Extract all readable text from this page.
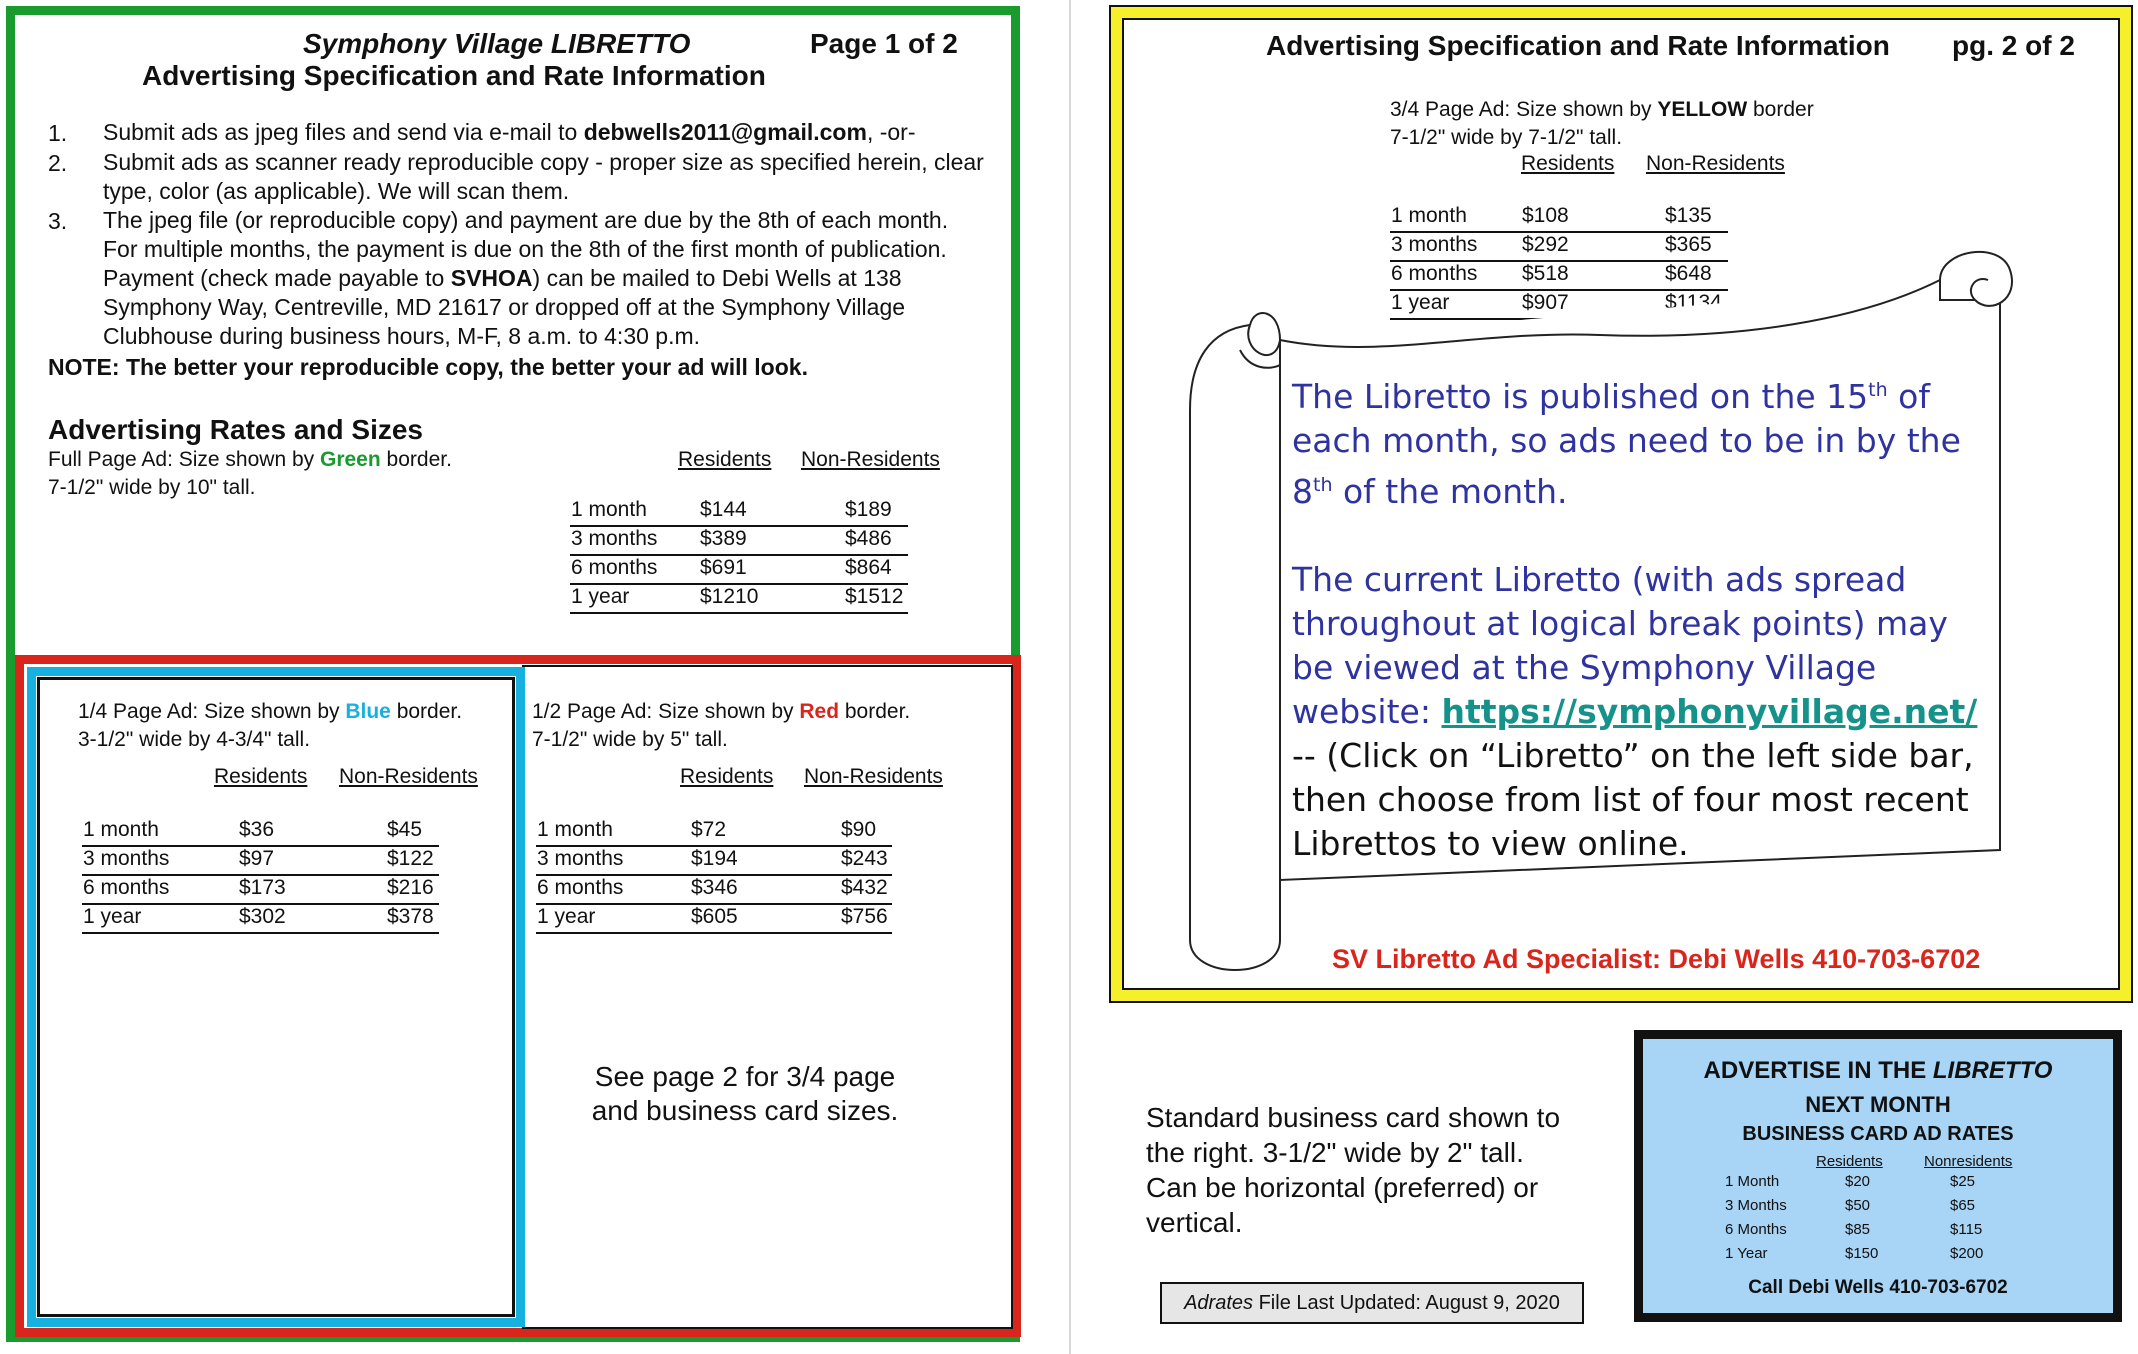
Symphony Village LIBRETTO	Page 1 of 2
Advertising Specification and Rate Information
1. Submit ads as jpeg files and send via e-mail to debwells2011@gmail.com, -or-
2. Submit ads as scanner ready reproducible copy - proper size as specified herein, clear type, color (as applicable). We will scan them.
3. The jpeg file (or reproducible copy) and payment are due by the 8th of each month. For multiple months, the payment is due on the 8th of the first month of publication. Payment (check made payable to SVHOA) can be mailed to Debi Wells at 138 Symphony Way, Centreville, MD 21617 or dropped off at the Symphony Village Clubhouse during business hours, M-F, 8 a.m. to 4:30 p.m.
NOTE: The better your reproducible copy, the better your ad will look.
Advertising Rates and Sizes
Full Page Ad: Size shown by Green border.
7-1/2" wide by 10" tall.
Residents Non-Residents
1 month	$144	$189
3 months $389	$486
6 months $691	$864
1 year	$1210	$1512
1/4 Page Ad: Size shown by Blue border.
3-1/2" wide by 4-3/4" tall.
Residents Non-Residents
1 month	$36	$45
3 months	$97	$122
6 months	$173	$216
1 year	$302	$378
1/2 Page Ad: Size shown by Red border.
7-1/2" wide by 5" tall.
Residents Non-Residents
1 month	$72	$90
3 months	$194	$243
6 months	$346	$432
1 year	$605	$756
See page 2 for 3/4 page
and business card sizes.
Advertising Specification and Rate Information pg. 2 of 2
3/4 Page Ad: Size shown by YELLOW border
7-1/2" wide by 7-1/2" tall.
Residents Non-Residents
1 month	$108	$135
3 months $292	$365
6 months $518	$648
1 year	$907	$1134
The Libretto is published on the 15th of each month, so ads need to be in by the 8th of the month.
The current Libretto (with ads spread throughout at logical break points) may be viewed at the Symphony Village website: https://symphonyvillage.net/ -- (Click on “Libretto” on the left side bar, then choose from list of four most recent Librettos to view online.
SV Libretto Ad Specialist: Debi Wells 410-703-6702
Standard business card shown to
the right. 3-1/2" wide by 2" tall.
Can be horizontal (preferred) or
vertical.
Adrates File Last Updated: August 9, 2020
ADVERTISE IN THE LIBRETTO
NEXT MONTH
BUSINESS CARD AD RATES
Residents	Nonresidents
1 Month	$20	$25
3 Months	$50	$65
6 Months	$85	$115
1 Year	$150	$200
Call Debi Wells 410-703-6702
